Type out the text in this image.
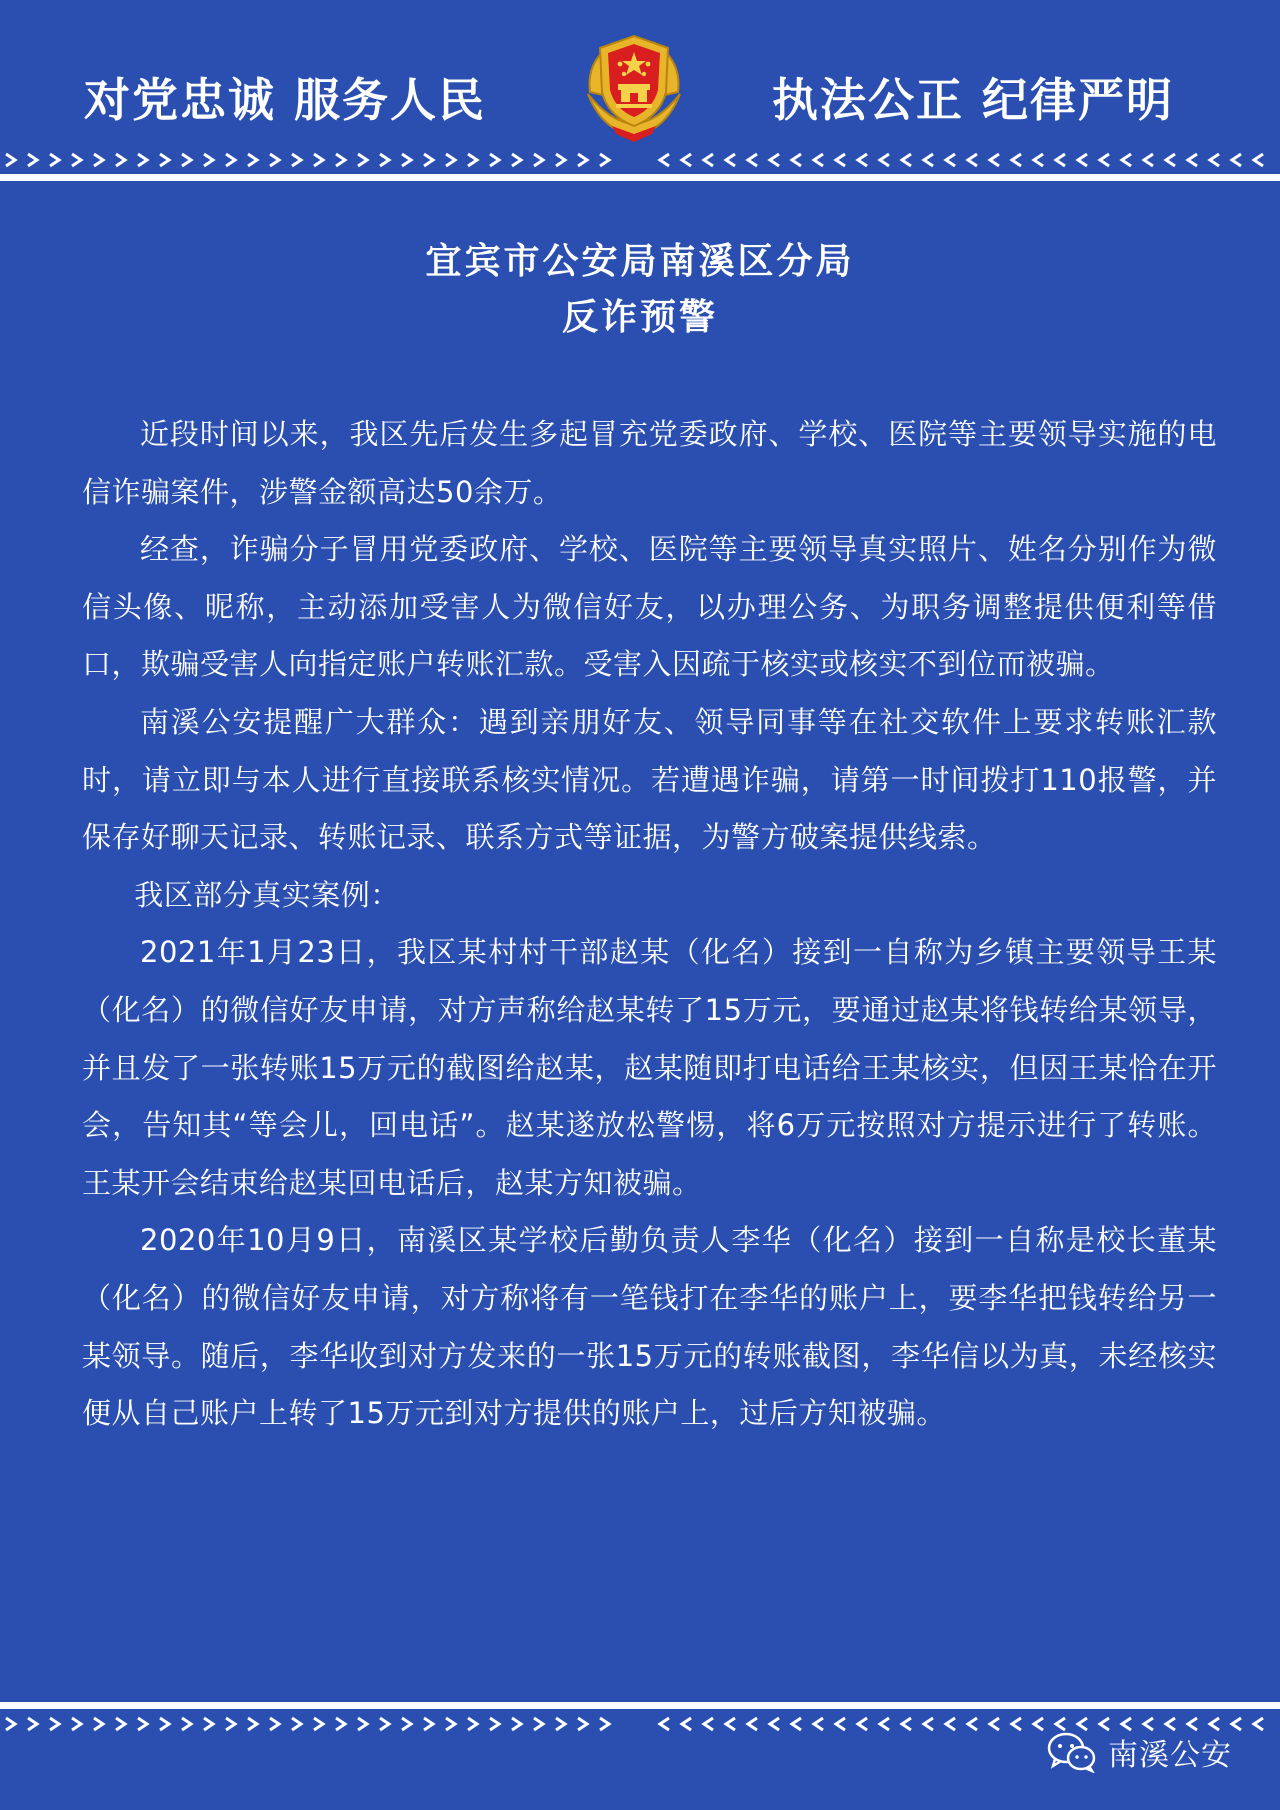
对党忠诚 服务人民	执法公正 纪律严明
宜宾市公安局南溪区分局
反诈预警

近段时间以来，我区先后发生多起冒充党委政府、学校、医院等主要领导实施的电信诈骗案件，涉警金额高达50余万。

经查，诈骗分子冒用党委政府、学校、医院等主要领导真实照片、姓名分别作为微信头像、昵称，主动添加受害人为微信好友，以办理公务、为职务调整提供便利等借口，欺骗受害人向指定账户转账汇款。受害入因疏于核实或核实不到位而被骗。

南溪公安提醒广大群众：遇到亲朋好友、领导同事等在社交软件上要求转账汇款时，请立即与本人进行直接联系核实情况。若遭遇诈骗，请第一时间拨打110报警，并保存好聊天记录、转账记录、联系方式等证据，为警方破案提供线索。

我区部分真实案例：

2021年1月23日，我区某村村干部赵某（化名）接到一自称为乡镇主要领导王某（化名）的微信好友申请，对方声称给赵某转了15万元，要通过赵某将钱转给某领导，并且发了一张转账15万元的截图给赵某，赵某随即打电话给王某核实，但因王某恰在开会，告知其“等会儿，回电话”。赵某遂放松警惕，将6万元按照对方提示进行了转账。王某开会结束给赵某回电话后，赵某方知被骗。

2020年10月9日，南溪区某学校后勤负责人李华（化名）接到一自称是校长董某（化名）的微信好友申请，对方称将有一笔钱打在李华的账户上，要李华把钱转给另一某领导。随后，李华收到对方发来的一张15万元的转账截图，李华信以为真，未经核实便从自己账户上转了15万元到对方提供的账户上，过后方知被骗。

南溪公安
